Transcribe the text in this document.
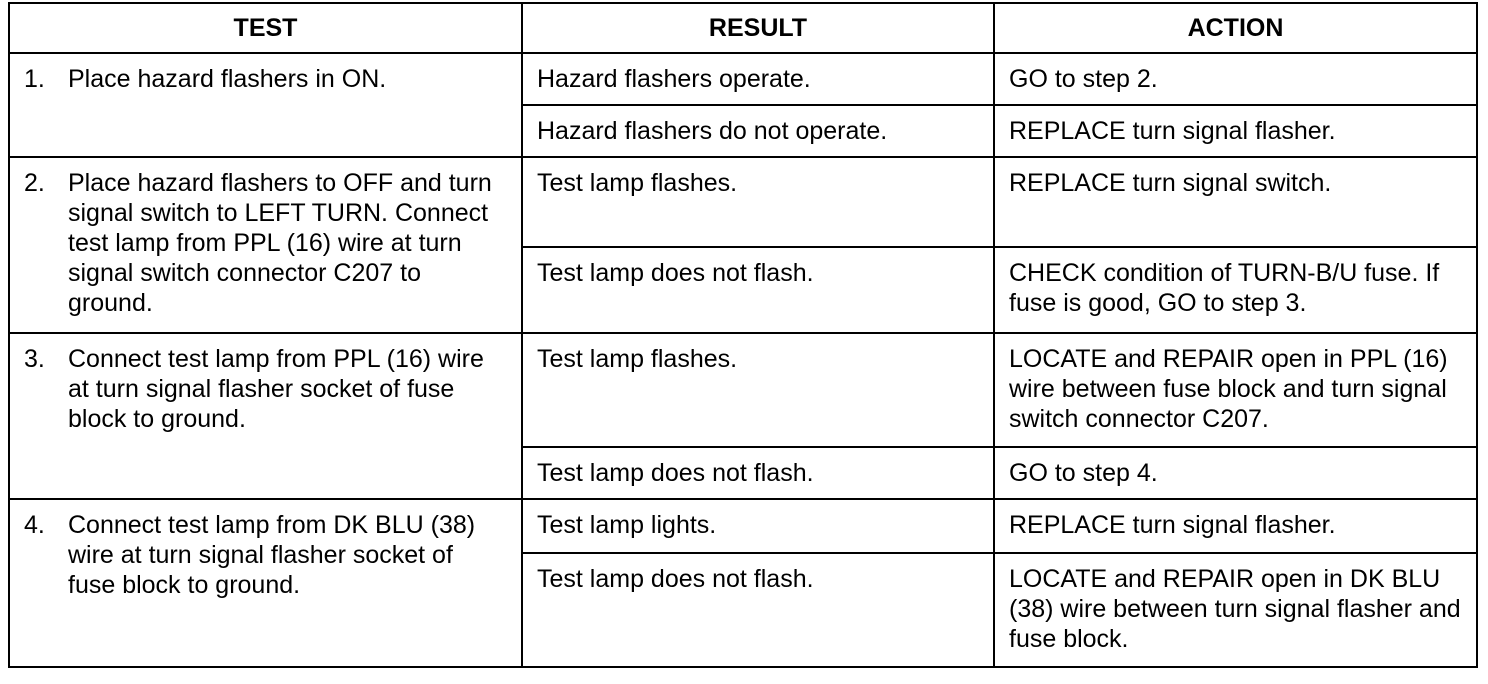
TEST	RESULT	ACTION

1. Place hazard flashers in ON.	Hazard flashers operate.	GO to step 2.
	Hazard flashers do not operate.	REPLACE turn signal flasher.

2. Place hazard flashers to OFF and turn signal switch to LEFT TURN. Connect test lamp from PPL (16) wire at turn signal switch connector C207 to ground.	Test lamp flashes.	REPLACE turn signal switch.
	Test lamp does not flash.	CHECK condition of TURN-B/U fuse. If fuse is good, GO to step 3.

3. Connect test lamp from PPL (16) wire at turn signal flasher socket of fuse block to ground.	Test lamp flashes.	LOCATE and REPAIR open in PPL (16) wire between fuse block and turn signal switch connector C207.
	Test lamp does not flash.	GO to step 4.

4. Connect test lamp from DK BLU (38) wire at turn signal flasher socket of fuse block to ground.	Test lamp lights.	REPLACE turn signal flasher.
	Test lamp does not flash.	LOCATE and REPAIR open in DK BLU (38) wire between turn signal flasher and fuse block.
